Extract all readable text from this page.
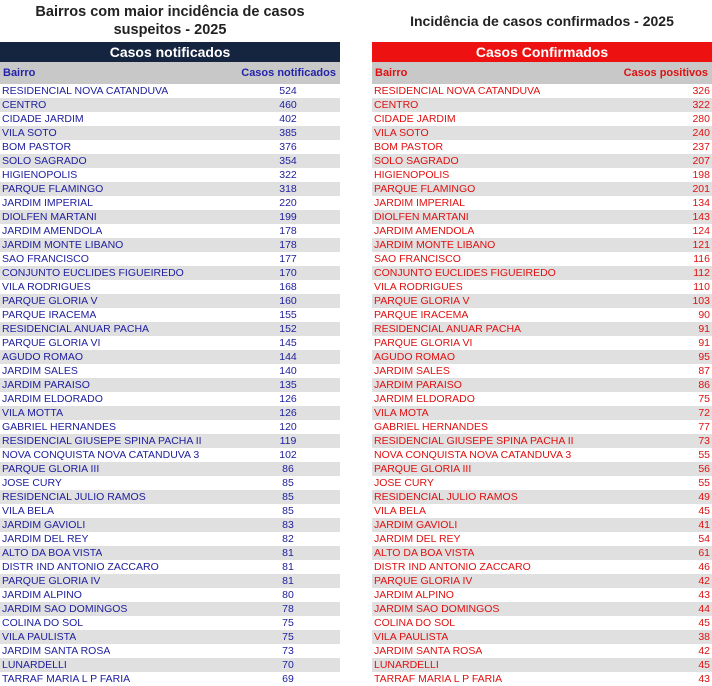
Bairros com maior incidência de casos
suspeitos - 2025
Casos notificados
Bairro	Casos notificados
RESIDENCIAL NOVA CATANDUVA	524
CENTRO	460
CIDADE JARDIM	402
VILA SOTO	385
BOM PASTOR	376
SOLO SAGRADO	354
HIGIENOPOLIS	322
PARQUE FLAMINGO	318
JARDIM IMPERIAL	220
DIOLFEN MARTANI	199
JARDIM AMENDOLA	178
JARDIM MONTE LIBANO	178
SAO FRANCISCO	177
CONJUNTO EUCLIDES FIGUEIREDO	170
VILA RODRIGUES	168
PARQUE GLORIA V	160
PARQUE IRACEMA	155
RESIDENCIAL ANUAR PACHA	152
PARQUE GLORIA VI	145
AGUDO ROMAO	144
JARDIM SALES	140
JARDIM PARAISO	135
JARDIM ELDORADO	126
VILA MOTTA	126
GABRIEL HERNANDES	120
RESIDENCIAL GIUSEPE SPINA PACHA II	119
NOVA CONQUISTA NOVA CATANDUVA 3	102
PARQUE GLORIA III	86
JOSE CURY	85
RESIDENCIAL JULIO RAMOS	85
VILA BELA	85
JARDIM GAVIOLI	83
JARDIM DEL REY	82
ALTO DA BOA VISTA	81
DISTR IND ANTONIO ZACCARO	81
PARQUE GLORIA IV	81
JARDIM ALPINO	80
JARDIM SAO DOMINGOS	78
COLINA DO SOL	75
VILA PAULISTA	75
JARDIM SANTA ROSA	73
LUNARDELLI	70
TARRAF MARIA L P FARIA	69
Incidência de casos confirmados - 2025
Casos Confirmados
Bairro	Casos positivos
RESIDENCIAL NOVA CATANDUVA	326
CENTRO	322
CIDADE JARDIM	280
VILA SOTO	240
BOM PASTOR	237
SOLO SAGRADO	207
HIGIENOPOLIS	198
PARQUE FLAMINGO	201
JARDIM IMPERIAL	134
DIOLFEN MARTANI	143
JARDIM AMENDOLA	124
JARDIM MONTE LIBANO	121
SAO FRANCISCO	116
CONJUNTO EUCLIDES FIGUEIREDO	112
VILA RODRIGUES	110
PARQUE GLORIA V	103
PARQUE IRACEMA	90
RESIDENCIAL ANUAR PACHA	91
PARQUE GLORIA VI	91
AGUDO ROMAO	95
JARDIM SALES	87
JARDIM PARAISO	86
JARDIM ELDORADO	75
VILA MOTA	72
GABRIEL HERNANDES	77
RESIDENCIAL GIUSEPE SPINA PACHA II	73
NOVA CONQUISTA NOVA CATANDUVA 3	55
PARQUE GLORIA III	56
JOSE CURY	55
RESIDENCIAL JULIO RAMOS	49
VILA BELA	45
JARDIM GAVIOLI	41
JARDIM DEL REY	54
ALTO DA BOA VISTA	61
DISTR IND ANTONIO ZACCARO	46
PARQUE GLORIA IV	42
JARDIM ALPINO	43
JARDIM SAO DOMINGOS	44
COLINA DO SOL	45
VILA PAULISTA	38
JARDIM SANTA ROSA	42
LUNARDELLI	45
TARRAF MARIA L P FARIA	43
